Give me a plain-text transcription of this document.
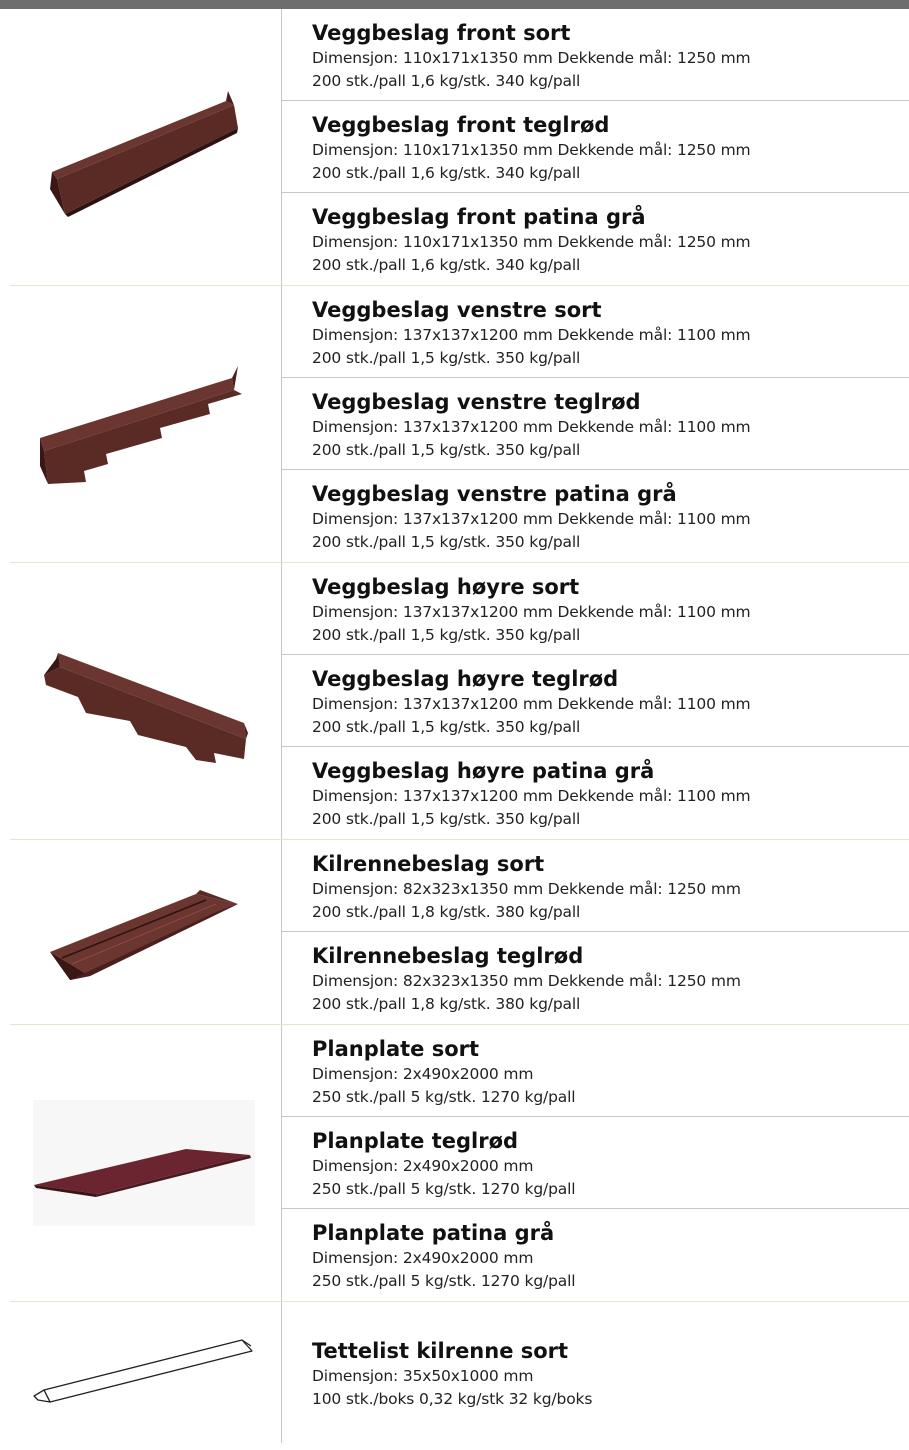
Veggbeslag front sort
Dimensjon: 110x171x1350 mm Dekkende mål: 1250 mm
200 stk./pall 1,6 kg/stk. 340 kg/pall
Veggbeslag front teglrød
Dimensjon: 110x171x1350 mm Dekkende mål: 1250 mm
200 stk./pall 1,6 kg/stk. 340 kg/pall
Veggbeslag front patina grå
Dimensjon: 110x171x1350 mm Dekkende mål: 1250 mm
200 stk./pall 1,6 kg/stk. 340 kg/pall
Veggbeslag venstre sort
Dimensjon: 137x137x1200 mm Dekkende mål: 1100 mm
200 stk./pall 1,5 kg/stk. 350 kg/pall
Veggbeslag venstre teglrød
Dimensjon: 137x137x1200 mm Dekkende mål: 1100 mm
200 stk./pall 1,5 kg/stk. 350 kg/pall
Veggbeslag venstre patina grå
Dimensjon: 137x137x1200 mm Dekkende mål: 1100 mm
200 stk./pall 1,5 kg/stk. 350 kg/pall
Veggbeslag høyre sort
Dimensjon: 137x137x1200 mm Dekkende mål: 1100 mm
200 stk./pall 1,5 kg/stk. 350 kg/pall
Veggbeslag høyre teglrød
Dimensjon: 137x137x1200 mm Dekkende mål: 1100 mm
200 stk./pall 1,5 kg/stk. 350 kg/pall
Veggbeslag høyre patina grå
Dimensjon: 137x137x1200 mm Dekkende mål: 1100 mm
200 stk./pall 1,5 kg/stk. 350 kg/pall
Kilrennebeslag sort
Dimensjon: 82x323x1350 mm Dekkende mål: 1250 mm
200 stk./pall 1,8 kg/stk. 380 kg/pall
Kilrennebeslag teglrød
Dimensjon: 82x323x1350 mm Dekkende mål: 1250 mm
200 stk./pall 1,8 kg/stk. 380 kg/pall
Planplate sort
Dimensjon: 2x490x2000 mm
250 stk./pall 5 kg/stk. 1270 kg/pall
Planplate teglrød
Dimensjon: 2x490x2000 mm
250 stk./pall 5 kg/stk. 1270 kg/pall
Planplate patina grå
Dimensjon: 2x490x2000 mm
250 stk./pall 5 kg/stk. 1270 kg/pall
Tettelist kilrenne sort
Dimensjon: 35x50x1000 mm
100 stk./boks 0,32 kg/stk 32 kg/boks
